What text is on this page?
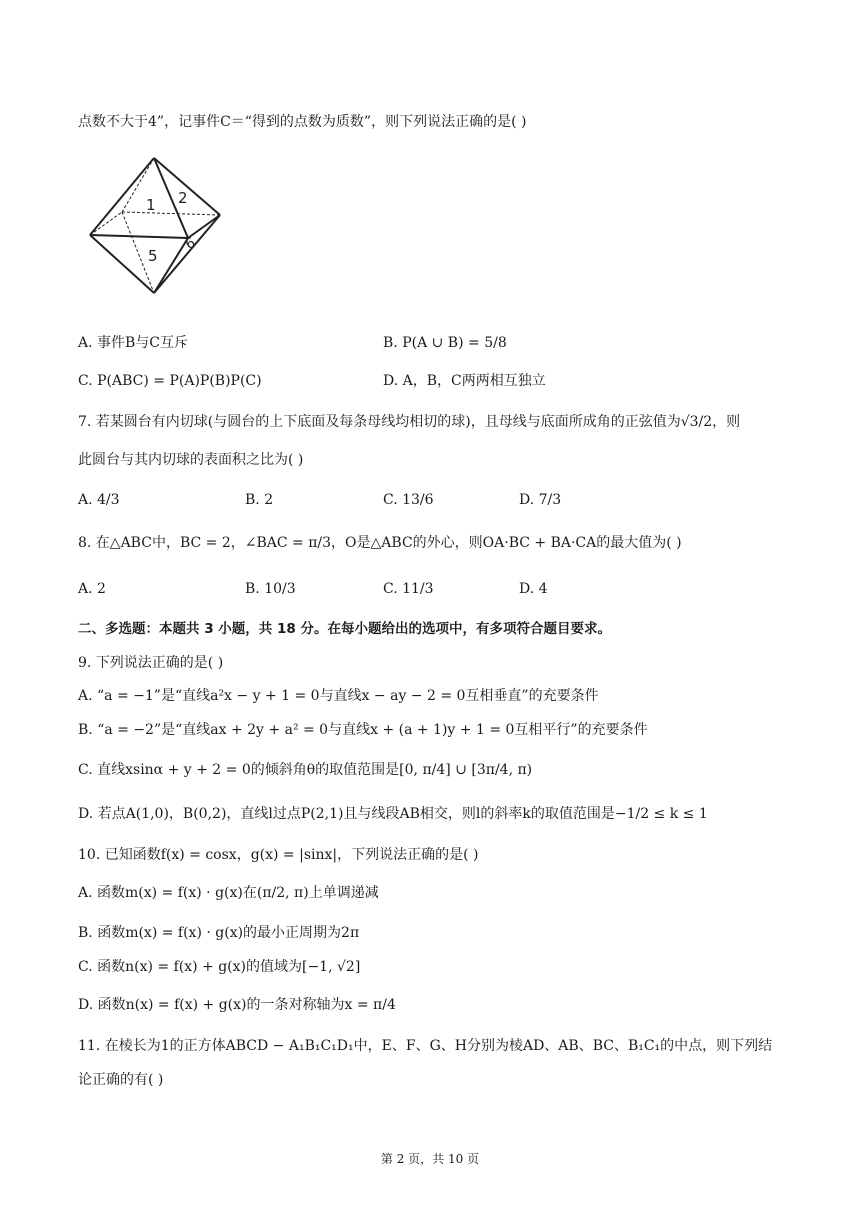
点数不大于4”，记事件C＝“得到的点数为质数”，则下列说法正确的是( )
1 2
5
6
A. 事件B与C互斥	B. P(A ∪ B) = 5/8
C. P(ABC) = P(A)P(B)P(C)	D. A，B，C两两相互独立
7. 若某圆台有内切球(与圆台的上下底面及每条母线均相切的球)，且母线与底面所成角的正弦值为√3/2，则
此圆台与其内切球的表面积之比为( )
A. 4/3	B. 2	C. 13/6	D. 7/3
8. 在△ABC中，BC = 2，∠BAC = π/3，O是△ABC的外心，则OA·BC + BA·CA的最大值为( )
A. 2	B. 10/3	C. 11/3	D. 4
二、多选题：本题共 3 小题，共 18 分。在每小题给出的选项中，有多项符合题目要求。
9. 下列说法正确的是( )
A. “a = −1”是“直线a²x − y + 1 = 0与直线x − ay − 2 = 0互相垂直”的充要条件
B. “a = −2”是“直线ax + 2y + a² = 0与直线x + (a + 1)y + 1 = 0互相平行”的充要条件
C. 直线xsinα + y + 2 = 0的倾斜角θ的取值范围是[0, π/4] ∪ [3π/4, π)
D. 若点A(1,0)，B(0,2)，直线l过点P(2,1)且与线段AB相交，则l的斜率k的取值范围是−1/2 ≤ k ≤ 1
10. 已知函数f(x) = cosx，g(x) = |sinx|，下列说法正确的是( )
A. 函数m(x) = f(x) · g(x)在(π/2, π)上单调递减
B. 函数m(x) = f(x) · g(x)的最小正周期为2π
C. 函数n(x) = f(x) + g(x)的值域为[−1, √2]
D. 函数n(x) = f(x) + g(x)的一条对称轴为x = π/4
11. 在棱长为1的正方体ABCD − A₁B₁C₁D₁中，E、F、G、H分别为棱AD、AB、BC、B₁C₁的中点，则下列结
论正确的有( )
第 2 页，共 10 页
